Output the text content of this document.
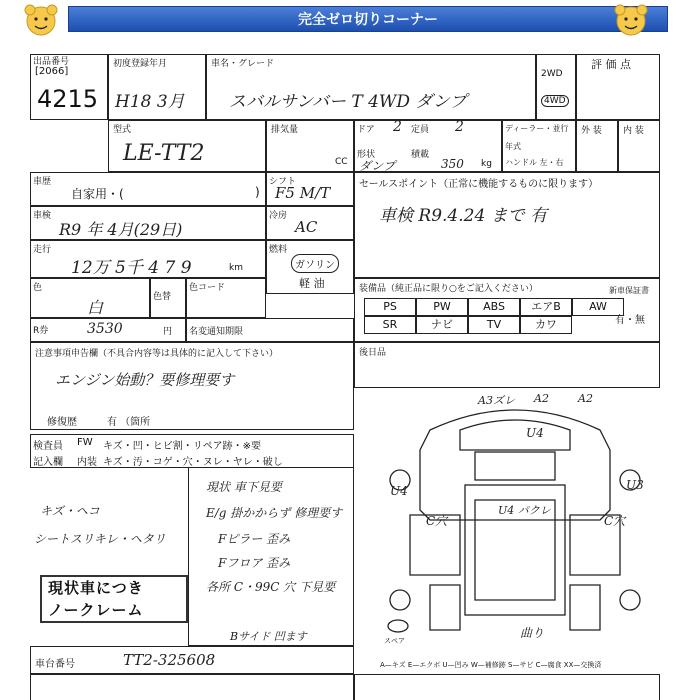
完全ゼロ切りコーナー
出品番号
[2066]
4215
初度登録年月
H18 3月
車名・グレード
スバルサンバー T 4WD ダンプ
2WD
4WD
評 価 点
型式
LE-TT2
排気量
CC
ドア 2 定員 2
形状	積載
ダンプ	350 kg
ディーラー・並行
年式
ハンドル 左・右
外 装 内 装
車歴
自家用・(	)
シフト
F5 M/T
車検
R9 年 4月(29日)
冷房
AC
走行
12万 5千 4 7 9	km
燃料
ガソリン
軽 油
色
白
色替
色コード
R券	3530	円 名変通知期限
セールスポイント（正常に機能するものに限ります）
車検 R9.4.24 まで 有
装備品（純正品に限り○をご記入ください）	新車保証書
有・無
PS	PW	ABS	エアB	AW
SR	ナビ	TV	カワ
後日品
注意事項申告欄（不具合内容等は具体的に記入して下さい）
エンジン始動？要修理要す
修復歴	有 （箇所
検査員
記入欄
FW キズ・凹・ヒビ割・リペア跡・※要
内装 キズ・汚・コゲ・穴・ヌレ・ヤレ・破し
キズ・ヘコ
シートスリキレ・ヘタリ
現状 車下見要
E/g 掛かからず 修理要す
Fピラー 歪み
Fフロア 歪み
各所 C・99C 穴 下見要
現状車につき
ノークレーム
Bサイド 凹ます
A3ズレ A2	A2
U4
U4	U3
C穴
U4 パクレ
C穴
曲り
スペア
A—キズ E—エクボ U—凹み W—補修跡 S—サビ C—腐食 XX—交換済
車台番号	TT2-325608
